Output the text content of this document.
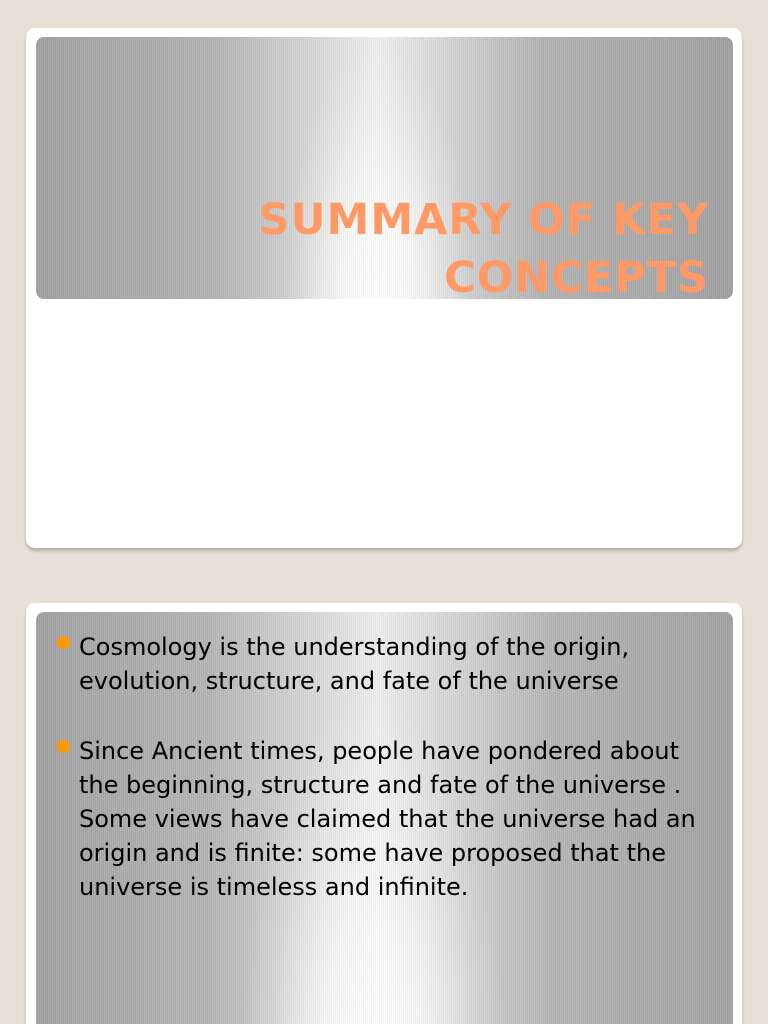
SUMMARY OF KEY CONCEPTS
Cosmology is the understanding of the origin, evolution, structure, and fate of the universe
Since Ancient times, people have pondered about the beginning, structure and fate of the universe . Some views have claimed that the universe had an origin and is finite: some have proposed that the universe is timeless and infinite.
